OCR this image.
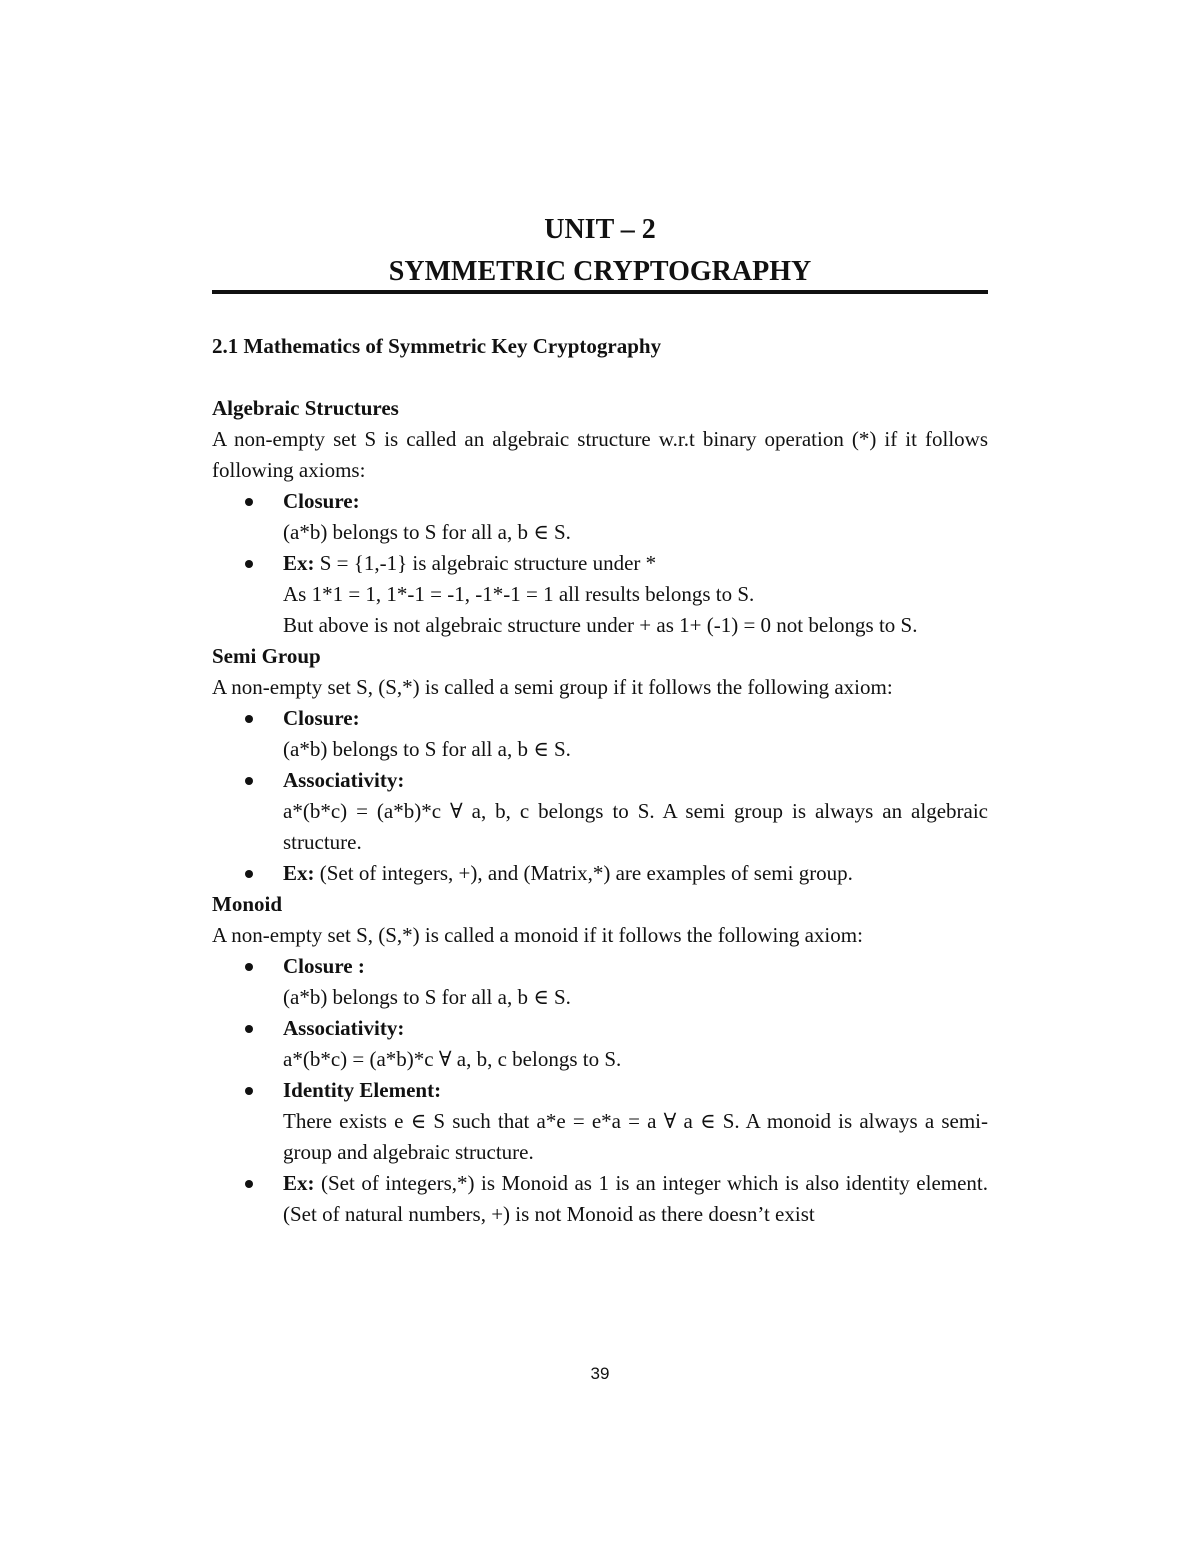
UNIT – 2
SYMMETRIC CRYPTOGRAPHY
2.1 Mathematics of Symmetric Key Cryptography
Algebraic Structures
A non-empty set S is called an algebraic structure w.r.t binary operation (*) if it follows following axioms:
Closure:
(a*b) belongs to S for all a, b ∈ S.
Ex: S = {1,-1} is algebraic structure under *
As 1*1 = 1, 1*-1 = -1, -1*-1 = 1 all results belongs to S.
But above is not algebraic structure under + as 1+ (-1) = 0 not belongs to S.
Semi Group
A non-empty set S, (S,*) is called a semi group if it follows the following axiom:
Closure:
(a*b) belongs to S for all a, b ∈ S.
Associativity:
a*(b*c) = (a*b)*c ∀ a, b, c belongs to S. A semi group is always an algebraic structure.
Ex: (Set of integers, +), and (Matrix,*) are examples of semi group.
Monoid
A non-empty set S, (S,*) is called a monoid if it follows the following axiom:
Closure :
(a*b) belongs to S for all a, b ∈ S.
Associativity:
a*(b*c) = (a*b)*c ∀ a, b, c belongs to S.
Identity Element:
There exists e ∈ S such that a*e = e*a = a ∀ a ∈ S. A monoid is always a semi-group and algebraic structure.
Ex: (Set of integers,*) is Monoid as 1 is an integer which is also identity element. (Set of natural numbers, +) is not Monoid as there doesn’t exist
39
